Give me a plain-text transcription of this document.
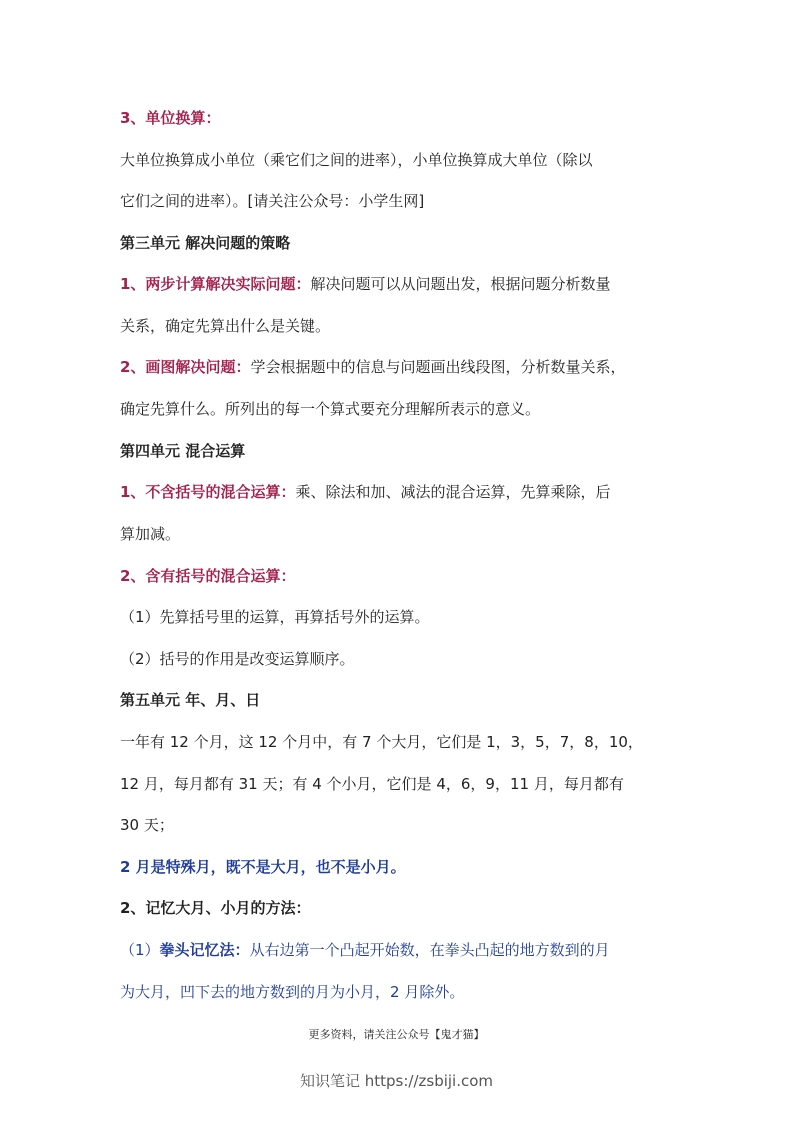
3、单位换算：
大单位换算成小单位（乘它们之间的进率），小单位换算成大单位（除以
它们之间的进率）。[请关注公众号：小学生网]
第三单元 解决问题的策略
1、两步计算解决实际问题：解决问题可以从问题出发，根据问题分析数量
关系，确定先算出什么是关键。
2、画图解决问题：学会根据题中的信息与问题画出线段图，分析数量关系，
确定先算什么。所列出的每一个算式要充分理解所表示的意义。
第四单元 混合运算
1、不含括号的混合运算：乘、除法和加、减法的混合运算，先算乘除，后
算加减。
2、含有括号的混合运算：
（1）先算括号里的运算，再算括号外的运算。
（2）括号的作用是改变运算顺序。
第五单元 年、月、日
一年有 12 个月，这 12 个月中，有 7 个大月，它们是 1，3，5，7，8，10，
12 月，每月都有 31 天；有 4 个小月，它们是 4，6，9，11 月，每月都有
30 天；
2 月是特殊月，既不是大月，也不是小月。
2、记忆大月、小月的方法：
（1）拳头记忆法：从右边第一个凸起开始数，在拳头凸起的地方数到的月
为大月，凹下去的地方数到的月为小月，2 月除外。
更多资料，请关注公众号【鬼才猫】
知识笔记 https://zsbiji.com
